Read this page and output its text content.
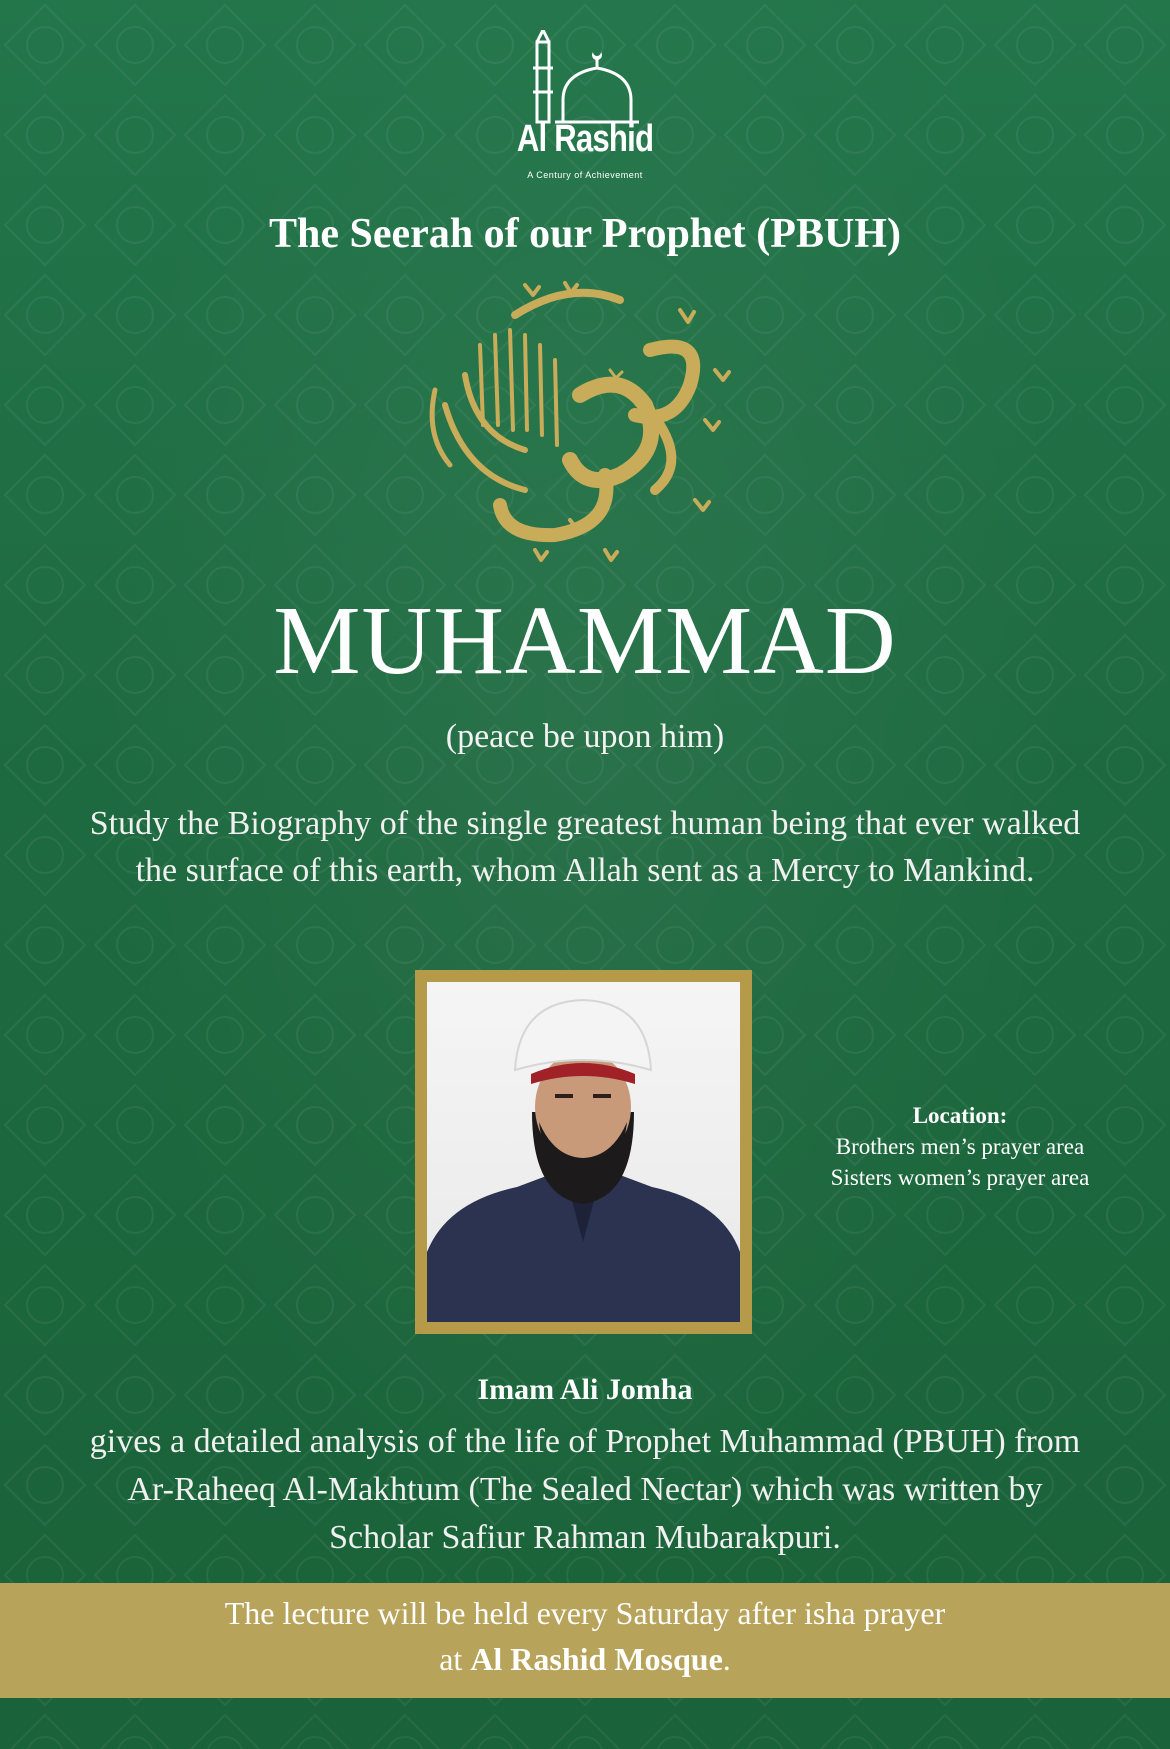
Al Rashid
A Century of Achievement
The Seerah of our Prophet (PBUH)
MUHAMMAD
(peace be upon him)
Study the Biography of the single greatest human being that ever walked the surface of this earth, whom Allah sent as a Mercy to Mankind.
Location:
Brothers men’s prayer area
Sisters women’s prayer area
Imam Ali Jomha
gives a detailed analysis of the life of Prophet Muhammad (PBUH) from Ar-Raheeq Al-Makhtum (The Sealed Nectar) which was written by Scholar Safiur Rahman Mubarakpuri.
The lecture will be held every Saturday after isha prayer
at Al Rashid Mosque.
